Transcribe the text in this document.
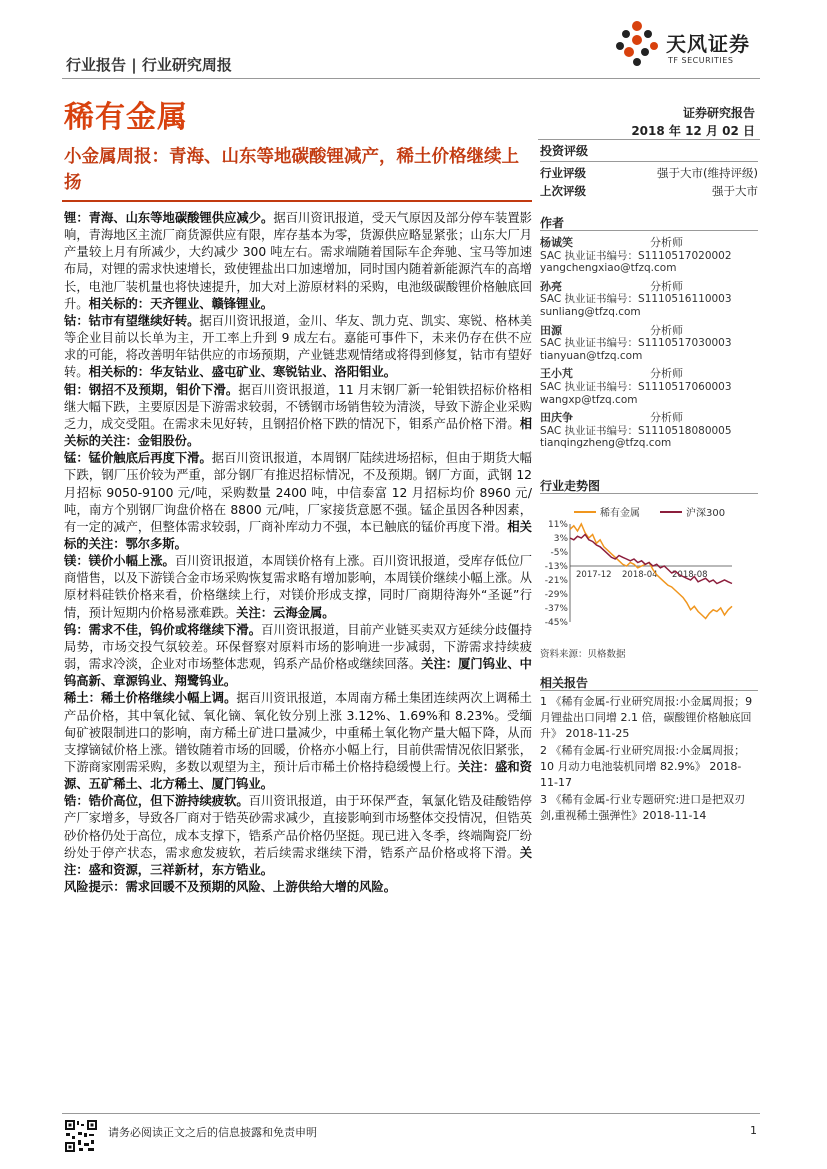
行业报告 | 行业研究周报
天风证券
TF SECURITIES
稀有金属	证券研究报告
2018 年 12 月 02 日
小金属周报：青海、山东等地碳酸锂减产，稀土价格继续上扬

锂：青海、山东等地碳酸锂供应减少。据百川资讯报道，受天气原因及部分停车装置影响，青海地区主流厂商货源供应有限，库存基本为零，货源供应略显紧张；山东大厂月产量较上月有所减少，大约减少 300 吨左右。需求端随着国际车企奔驰、宝马等加速布局，对锂的需求快速增长，致使锂盐出口加速增加，同时国内随着新能源汽车的高增长，电池厂装机量也将快速提升，加大对上游原材料的采购，电池级碳酸锂价格触底回升。相关标的：天齐锂业、赣锋锂业。

钴：钴市有望继续好转。据百川资讯报道，金川、华友、凯力克、凯实、寒锐、格林美等企业目前以长单为主，开工率上升到 9 成左右。嘉能可事件下，未来仍存在供不应求的可能，将改善明年钴供应的市场预期，产业链悲观情绪或将得到修复，钴市有望好转。相关标的：华友钴业、盛屯矿业、寒锐钴业、洛阳钼业。

钼：钢招不及预期，钼价下滑。据百川资讯报道，11 月末钢厂新一轮钼铁招标价格相继大幅下跌，主要原因是下游需求较弱，不锈钢市场销售较为清淡，导致下游企业采购乏力，成交受阻。在需求未见好转，且钢招价格下跌的情况下，钼系产品价格下滑。相关标的关注：金钼股份。

锰：锰价触底后再度下滑。据百川资讯报道，本周钢厂陆续进场招标，但由于期货大幅下跌，钢厂压价较为严重，部分钢厂有推迟招标情况，不及预期。钢厂方面，武钢 12 月招标 9050-9100 元/吨，采购数量 2400 吨，中信泰富 12 月招标均价 8960 元/吨，南方个别钢厂询盘价格在 8800 元/吨，厂家接货意愿不强。锰企虽因各种因素，有一定的减产，但整体需求较弱，厂商补库动力不强，本已触底的锰价再度下滑。相关标的关注：鄂尔多斯。

镁：镁价小幅上涨。百川资讯报道，本周镁价格有上涨。百川资讯报道，受库存低位厂商惜售，以及下游镁合金市场采购恢复需求略有增加影响，本周镁价继续小幅上涨。从原材料硅铁价格来看，价格继续上行，对镁价形成支撑，同时厂商期待海外“圣诞”行情，预计短期内价格易涨难跌。关注：云海金属。

钨：需求不佳，钨价或将继续下滑。百川资讯报道，目前产业链买卖双方延续分歧僵持局势，市场交投气氛较差。环保督察对原料市场的影响进一步减弱，下游需求持续疲弱，需求冷淡，企业对市场整体悲观，钨系产品价格或继续回落。关注：厦门钨业、中钨高新、章源钨业、翔鹭钨业。

稀土：稀土价格继续小幅上调。据百川资讯报道，本周南方稀土集团连续两次上调稀土产品价格，其中氧化铽、氧化镝、氧化钕分别上涨 3.12%、1.69%和 8.23%。受缅甸矿被限制进口的影响，南方稀土矿进口量减少，中重稀土氧化物产量大幅下降，从而支撑镝铽价格上涨。镨钕随着市场的回暖，价格亦小幅上行，目前供需情况依旧紧张，下游商家刚需采购，多数以观望为主，预计后市稀土价格持稳缓慢上行。关注：盛和资源、五矿稀土、北方稀土、厦门钨业。

锆：锆价高位，但下游持续疲软。百川资讯报道，由于环保严查，氧氯化锆及硅酸锆停产厂家增多，导致各厂商对于锆英砂需求减少，直接影响到市场整体交投情况，但锆英砂价格仍处于高位，成本支撑下，锆系产品价格仍坚挺。现已进入冬季，终端陶瓷厂纷纷处于停产状态，需求愈发疲软，若后续需求继续下滑，锆系产品价格或将下滑。关注：盛和资源，三祥新材，东方锆业。

风险提示：需求回暖不及预期的风险、上游供给大增的风险。

投资评级
行业评级	强于大市(维持评级)
上次评级	强于大市
作者
杨诚笑	分析师
SAC 执业证书编号：S1110517020002
yangchengxiao@tfzq.com
孙亮	分析师
SAC 执业证书编号：S1110516110003
sunliang@tfzq.com
田源	分析师
SAC 执业证书编号：S1110517030003
tianyuan@tfzq.com
王小芃	分析师
SAC 执业证书编号：S1110517060003
wangxp@tfzq.com
田庆争	分析师
SAC 执业证书编号：S1110518080005
tianqingzheng@tfzq.com
行业走势图
稀有金属	沪深300
11%
3%
-5%
-13%
-21%
-29%
-37%
-45%
2017-12 2018-04 2018-08
资料来源：贝格数据
相关报告
1 《稀有金属-行业研究周报:小金属周报；9 月锂盐出口同增 2.1 倍，碳酸锂价格触底回升》 2018-11-25
2 《稀有金属-行业研究周报:小金属周报；10 月动力电池装机同增 82.9%》 2018-11-17
3 《稀有金属-行业专题研究:进口是把双刃剑,重视稀土强弹性》2018-11-14
请务必阅读正文之后的信息披露和免责申明	1
